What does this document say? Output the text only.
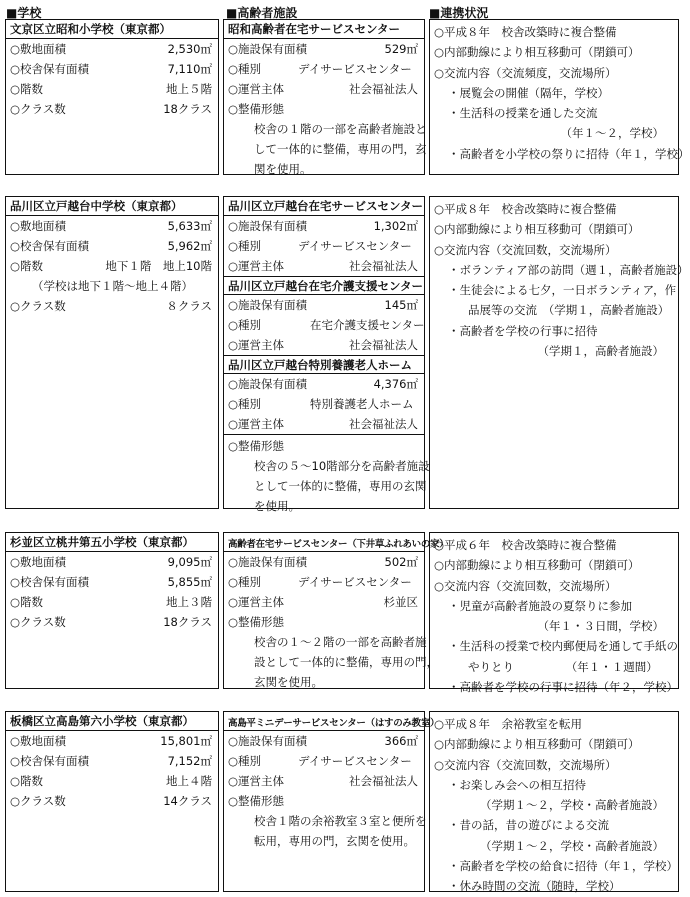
■学校	■高齢者施設	■連携状況
文京区立昭和小学校（東京都）
○敷地面積	2,530㎡
○校舎保有面積	7,110㎡
○階数	地上５階
○クラス数	18クラス
昭和高齢者在宅サービスセンター
○施設保有面積	529㎡
○種別	デイサービスセンター
○運営主体	社会福祉法人
○整備形態
校舎の１階の一部を高齢者施設と
して一体的に整備，専用の門，玄
関を使用。
○平成８年　校舎改築時に複合整備
○内部動線により相互移動可（閉鎖可）
○交流内容（交流頻度，交流場所）
・展覧会の開催（隔年，学校）
・生活科の授業を通した交流
（年１～２，学校）
・高齢者を小学校の祭りに招待（年１，学校）
品川区立戸越台中学校（東京都）
○敷地面積	5,633㎡
○校舎保有面積	5,962㎡
○階数	地下１階　地上10階
（学校は地下１階～地上４階）
○クラス数	８クラス
品川区立戸越台在宅サービスセンター
○施設保有面積	1,302㎡
○種別	デイサービスセンター
○運営主体	社会福祉法人
品川区立戸越台在宅介護支援センター
○施設保有面積	145㎡
○種別	在宅介護支援センター
○運営主体	社会福祉法人
品川区立戸越台特別養護老人ホーム
○施設保有面積	4,376㎡
○種別	特別養護老人ホーム
○運営主体	社会福祉法人
○整備形態
校舎の５～10階部分を高齢者施設
として一体的に整備，専用の玄関
を使用。
○平成８年　校舎改築時に複合整備
○内部動線により相互移動可（閉鎖可）
○交流内容（交流回数，交流場所）
・ボランティア部の訪問（週１，高齢者施設）
・生徒会による七夕，一日ボランティア，作
品展等の交流　（学期１，高齢者施設）
・高齢者を学校の行事に招待
（学期１，高齢者施設）
杉並区立桃井第五小学校（東京都）
○敷地面積	9,095㎡
○校舎保有面積	5,855㎡
○階数	地上３階
○クラス数	18クラス
高齢者在宅サービスセンター（下井草ふれあいの家）
○施設保有面積	502㎡
○種別	デイサービスセンター
○運営主体	杉並区
○整備形態
校舎の１～２階の一部を高齢者施
設として一体的に整備，専用の門，
玄関を使用。
○平成６年　校舎改築時に複合整備
○内部動線により相互移動可（閉鎖可）
○交流内容（交流回数，交流場所）
・児童が高齢者施設の夏祭りに参加
（年１・３日間，学校）
・生活科の授業で校内郵便局を通して手紙の
やりとり　　　　　（年１・１週間）
・高齢者を学校の行事に招待（年２，学校）
板橋区立高島第六小学校（東京都）
○敷地面積	15,801㎡
○校舎保有面積	7,152㎡
○階数	地上４階
○クラス数	14クラス
高島平ミニデーサービスセンター（はすのみ教室）
○施設保有面積	366㎡
○種別	デイサービスセンター
○運営主体	社会福祉法人
○整備形態
校舎１階の余裕教室３室と便所を
転用，専用の門，玄関を使用。
○平成８年　余裕教室を転用
○内部動線により相互移動可（閉鎖可）
○交流内容（交流回数，交流場所）
・お楽しみ会への相互招待
（学期１～２，学校・高齢者施設）
・昔の話，昔の遊びによる交流
（学期１～２，学校・高齢者施設）
・高齢者を学校の給食に招待（年１，学校）
・休み時間の交流（随時，学校）
